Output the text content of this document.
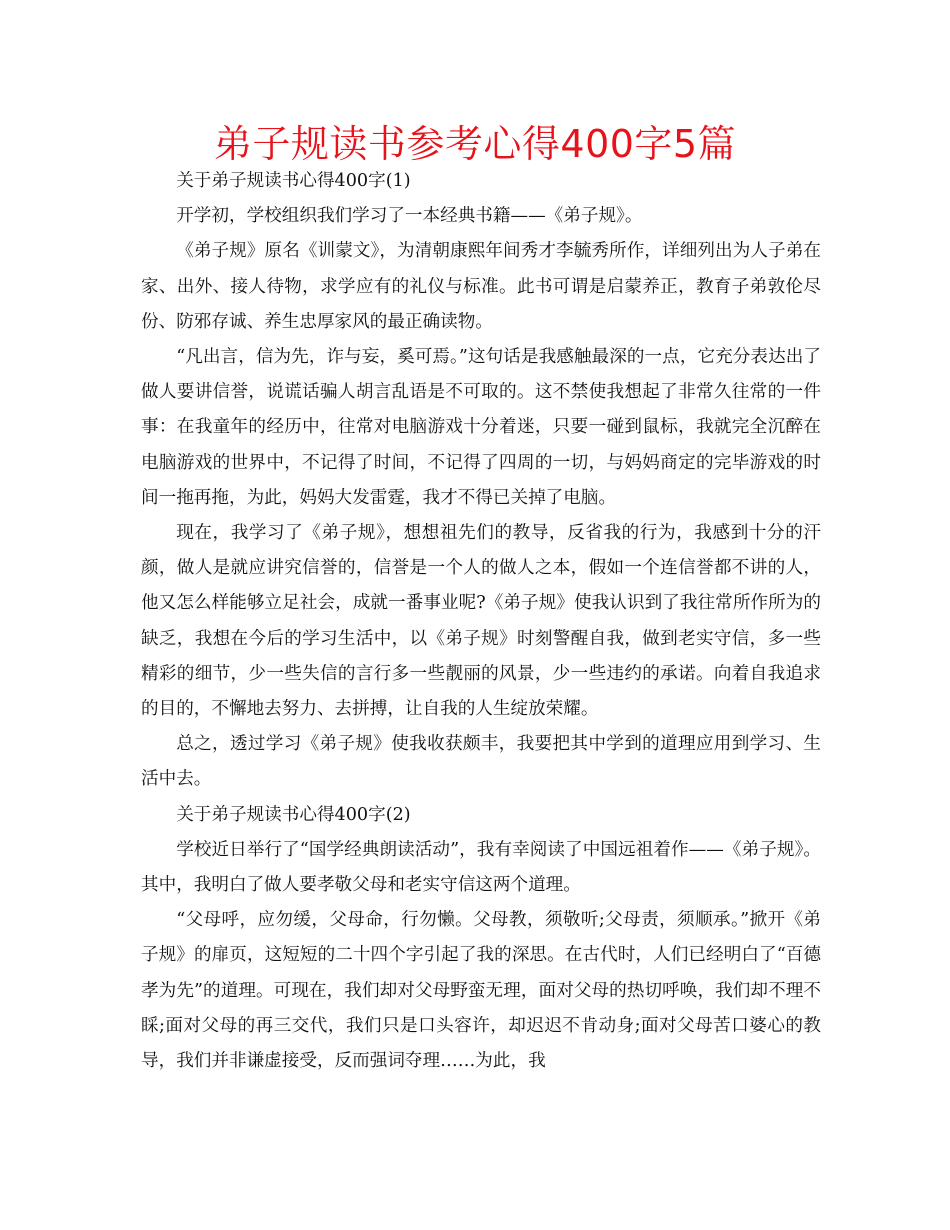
弟子规读书参考心得400字5篇

关于弟子规读书心得400字(1)

开学初，学校组织我们学习了一本经典书籍——《弟子规》。

《弟子规》原名《训蒙文》，为清朝康熙年间秀才李毓秀所作，详细列出为人子弟在家、出外、接人待物，求学应有的礼仪与标准。此书可谓是启蒙养正，教育子弟敦伦尽份、防邪存诚、养生忠厚家风的最正确读物。

“凡出言，信为先，诈与妄，奚可焉。”这句话是我感触最深的一点，它充分表达出了做人要讲信誉，说谎话骗人胡言乱语是不可取的。这不禁使我想起了非常久往常的一件事：在我童年的经历中，往常对电脑游戏十分着迷，只要一碰到鼠标，我就完全沉醉在电脑游戏的世界中，不记得了时间，不记得了四周的一切，与妈妈商定的完毕游戏的时间一拖再拖，为此，妈妈大发雷霆，我才不得已关掉了电脑。

现在，我学习了《弟子规》，想想祖先们的教导，反省我的行为，我感到十分的汗颜，做人是就应讲究信誉的，信誉是一个人的做人之本，假如一个连信誉都不讲的人，他又怎么样能够立足社会，成就一番事业呢?《弟子规》使我认识到了我往常所作所为的缺乏，我想在今后的学习生活中，以《弟子规》时刻警醒自我，做到老实守信，多一些精彩的细节，少一些失信的言行多一些靓丽的风景，少一些违约的承诺。向着自我追求的目的，不懈地去努力、去拼搏，让自我的人生绽放荣耀。

总之，透过学习《弟子规》使我收获颇丰，我要把其中学到的道理应用到学习、生活中去。

关于弟子规读书心得400字(2)

学校近日举行了“国学经典朗读活动”，我有幸阅读了中国远祖着作——《弟子规》。其中，我明白了做人要孝敬父母和老实守信这两个道理。

“父母呼，应勿缓，父母命，行勿懒。父母教，须敬听;父母责，须顺承。”掀开《弟子规》的扉页，这短短的二十四个字引起了我的深思。在古代时，人们已经明白了“百德孝为先”的道理。可现在，我们却对父母野蛮无理，面对父母的热切呼唤，我们却不理不睬;面对父母的再三交代，我们只是口头容许，却迟迟不肯动身;面对父母苦口婆心的教导，我们并非谦虚接受，反而强词夺理……为此，我
